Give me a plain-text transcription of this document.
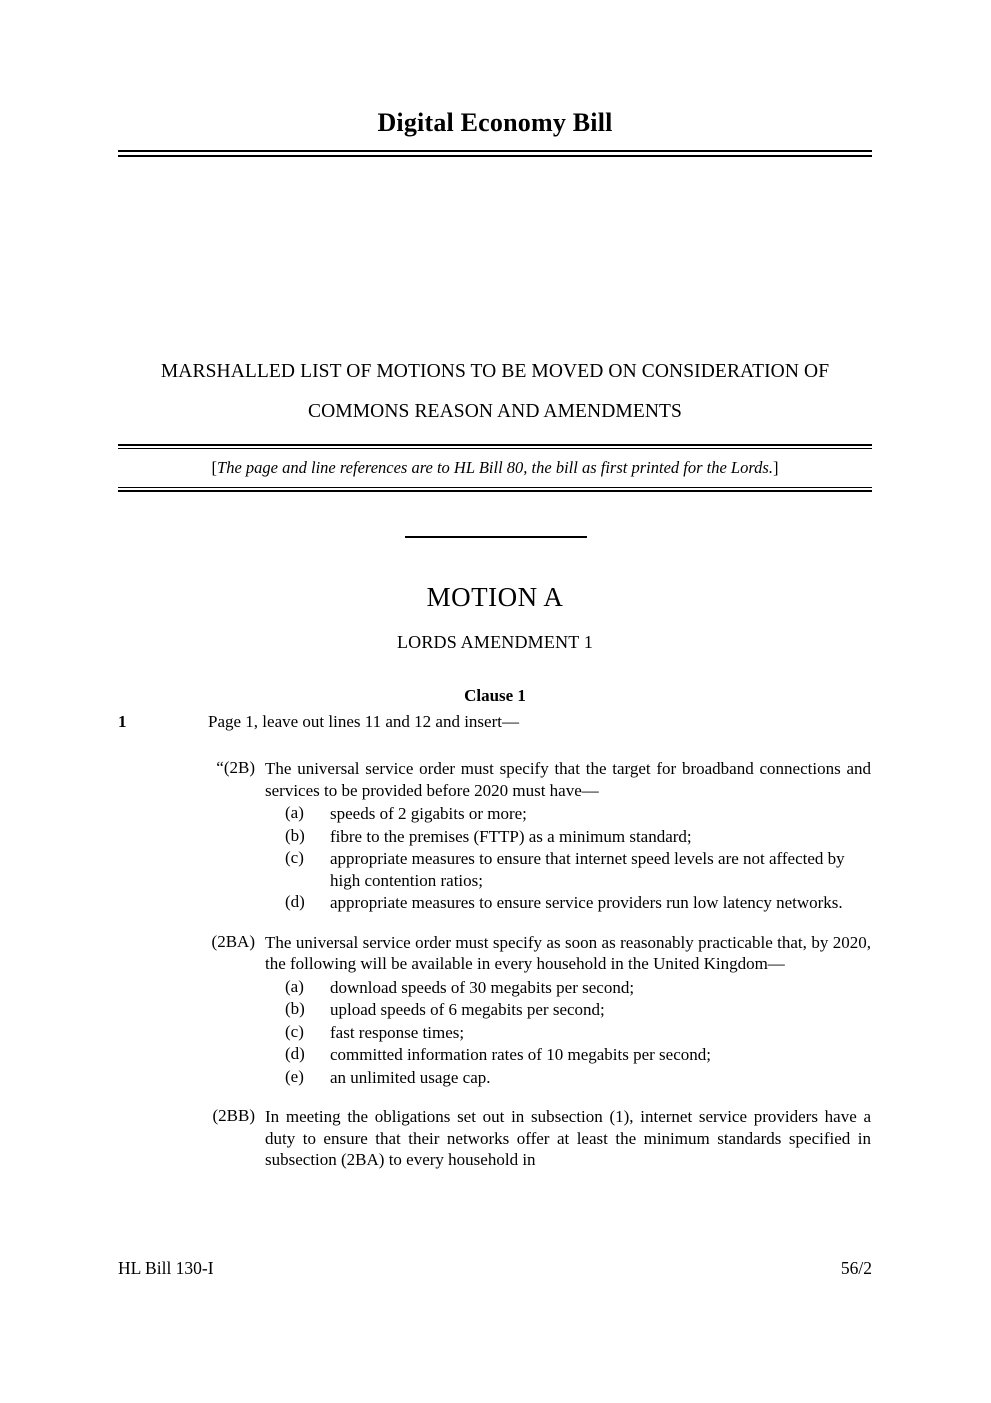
Digital Economy Bill
MARSHALLED LIST OF MOTIONS TO BE MOVED ON CONSIDERATION OF
COMMONS REASON AND AMENDMENTS
[The page and line references are to HL Bill 80, the bill as first printed for the Lords.]
MOTION A
LORDS AMENDMENT 1
Clause 1
1	Page 1, leave out lines 11 and 12 and insert—
“(2B) The universal service order must specify that the target for broadband connections and services to be provided before 2020 must have—
(a)	speeds of 2 gigabits or more;
(b)	fibre to the premises (FTTP) as a minimum standard;
(c)	appropriate measures to ensure that internet speed levels are not affected by high contention ratios;
(d)	appropriate measures to ensure service providers run low latency networks.
(2BA) The universal service order must specify as soon as reasonably practicable that, by 2020, the following will be available in every household in the United Kingdom—
(a)	download speeds of 30 megabits per second;
(b)	upload speeds of 6 megabits per second;
(c)	fast response times;
(d)	committed information rates of 10 megabits per second;
(e)	an unlimited usage cap.
(2BB) In meeting the obligations set out in subsection (1), internet service providers have a duty to ensure that their networks offer at least the minimum standards specified in subsection (2BA) to every household in
HL Bill 130-I	56/2
